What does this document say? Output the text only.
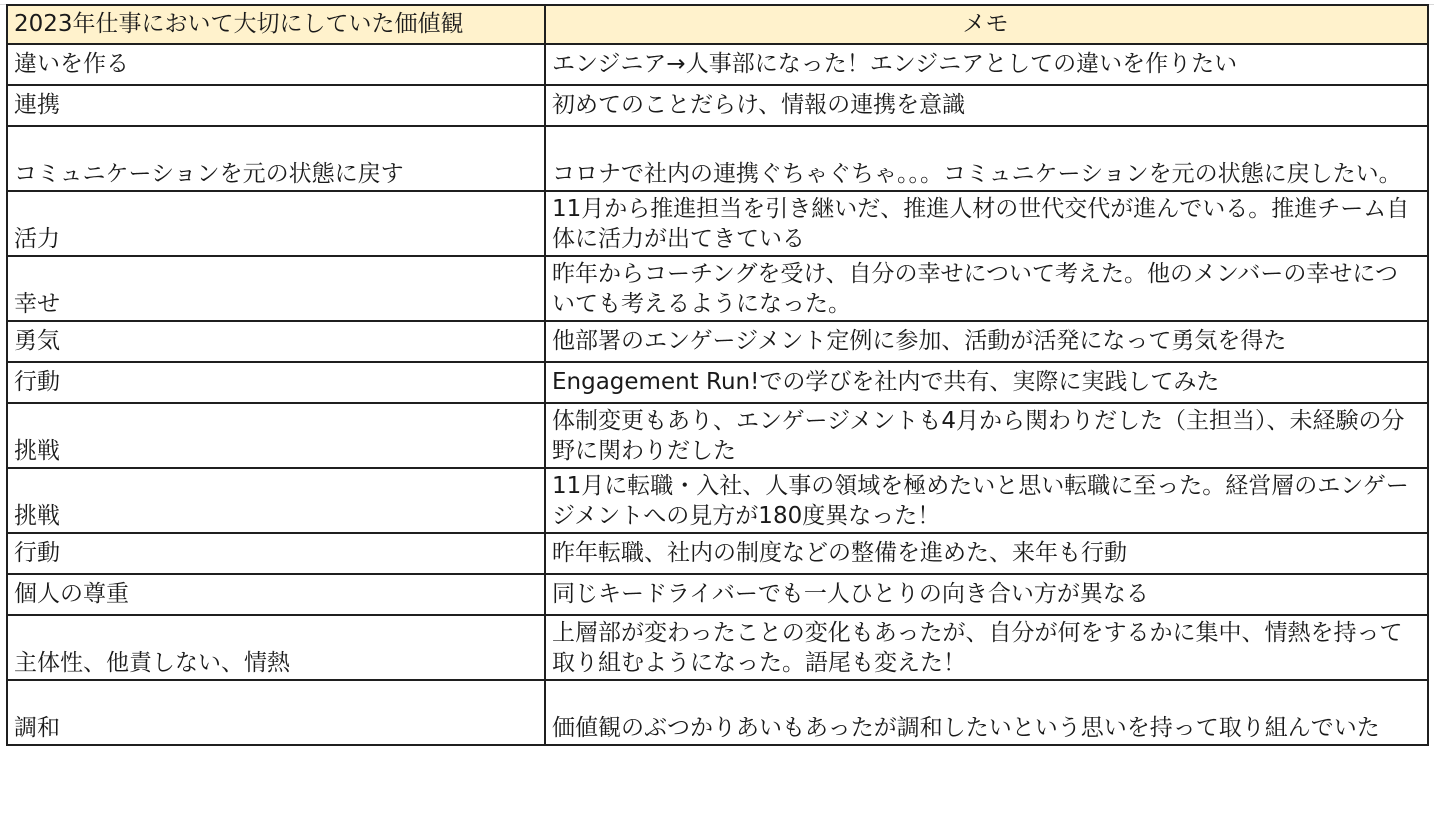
2023年仕事において大切にしていた価値観	メモ
違いを作る	エンジニア→人事部になった！エンジニアとしての違いを作りたい
連携	初めてのことだらけ、情報の連携を意識
コミュニケーションを元の状態に戻す	コロナで社内の連携ぐちゃぐちゃ。。。コミュニケーションを元の状態に戻したい。
活力	11月から推進担当を引き継いだ、推進人材の世代交代が進んでいる。推進チーム自体に活力が出てきている
幸せ	昨年からコーチングを受け、自分の幸せについて考えた。他のメンバーの幸せについても考えるようになった。
勇気	他部署のエンゲージメント定例に参加、活動が活発になって勇気を得た
行動	Engagement Run!での学びを社内で共有、実際に実践してみた
挑戦	体制変更もあり、エンゲージメントも4月から関わりだした（主担当）、未経験の分野に関わりだした
挑戦	11月に転職・入社、人事の領域を極めたいと思い転職に至った。経営層のエンゲージメントへの見方が180度異なった！
行動	昨年転職、社内の制度などの整備を進めた、来年も行動
個人の尊重	同じキードライバーでも一人ひとりの向き合い方が異なる
主体性、他責しない、情熱	上層部が変わったことの変化もあったが、自分が何をするかに集中、情熱を持って取り組むようになった。語尾も変えた！
調和	価値観のぶつかりあいもあったが調和したいという思いを持って取り組んでいた
